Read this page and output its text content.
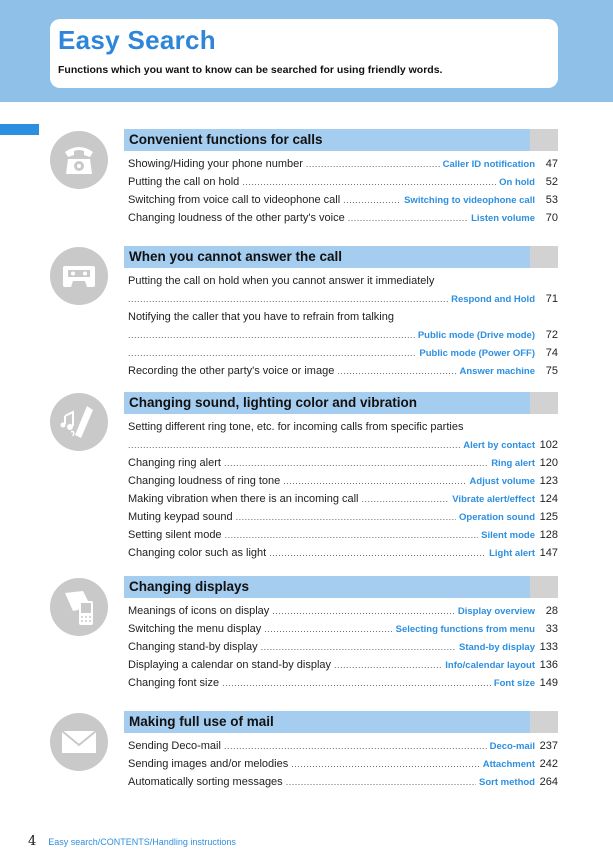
Easy Search
Functions which you want to know can be searched for using friendly words.
Convenient functions for calls
Showing/Hiding your phone number .....	Caller ID notification 47
Putting the call on hold .....	On hold 52
Switching from voice call to videophone call .....	Switching to videophone call 53
Changing loudness of the other party's voice .....	Listen volume 70
When you cannot answer the call
Putting the call on hold when you cannot answer it immediately
.....
Respond and Hold 71
Notifying the caller that you have to refrain from talking
.....
Public mode (Drive mode) 72
.....
Public mode (Power OFF) 74
Recording the other party's voice or image .....	Answer machine 75
Changing sound, lighting color and vibration
Setting different ring tone, etc. for incoming calls from specific parties
.....
Alert by contact 102
Changing ring alert .....	Ring alert 120
Changing loudness of ring tone .....	Adjust volume 123
Making vibration when there is an incoming call .....	Vibrate alert/effect 124
Muting keypad sound .....	Operation sound 125
Setting silent mode .....	Silent mode 128
Changing color such as light .....	Light alert 147
Changing displays
Meanings of icons on display .....	Display overview 28
Switching the menu display .....	Selecting functions from menu 33
Changing stand-by display .....	Stand-by display 133
Displaying a calendar on stand-by display .....	Info/calendar layout 136
Changing font size .....	Font size 149
Making full use of mail
Sending Deco-mail .....	Deco-mail 237
Sending images and/or melodies .....	Attachment 242
Automatically sorting messages .....	Sort method 264
4 Easy search/CONTENTS/Handling instructions
